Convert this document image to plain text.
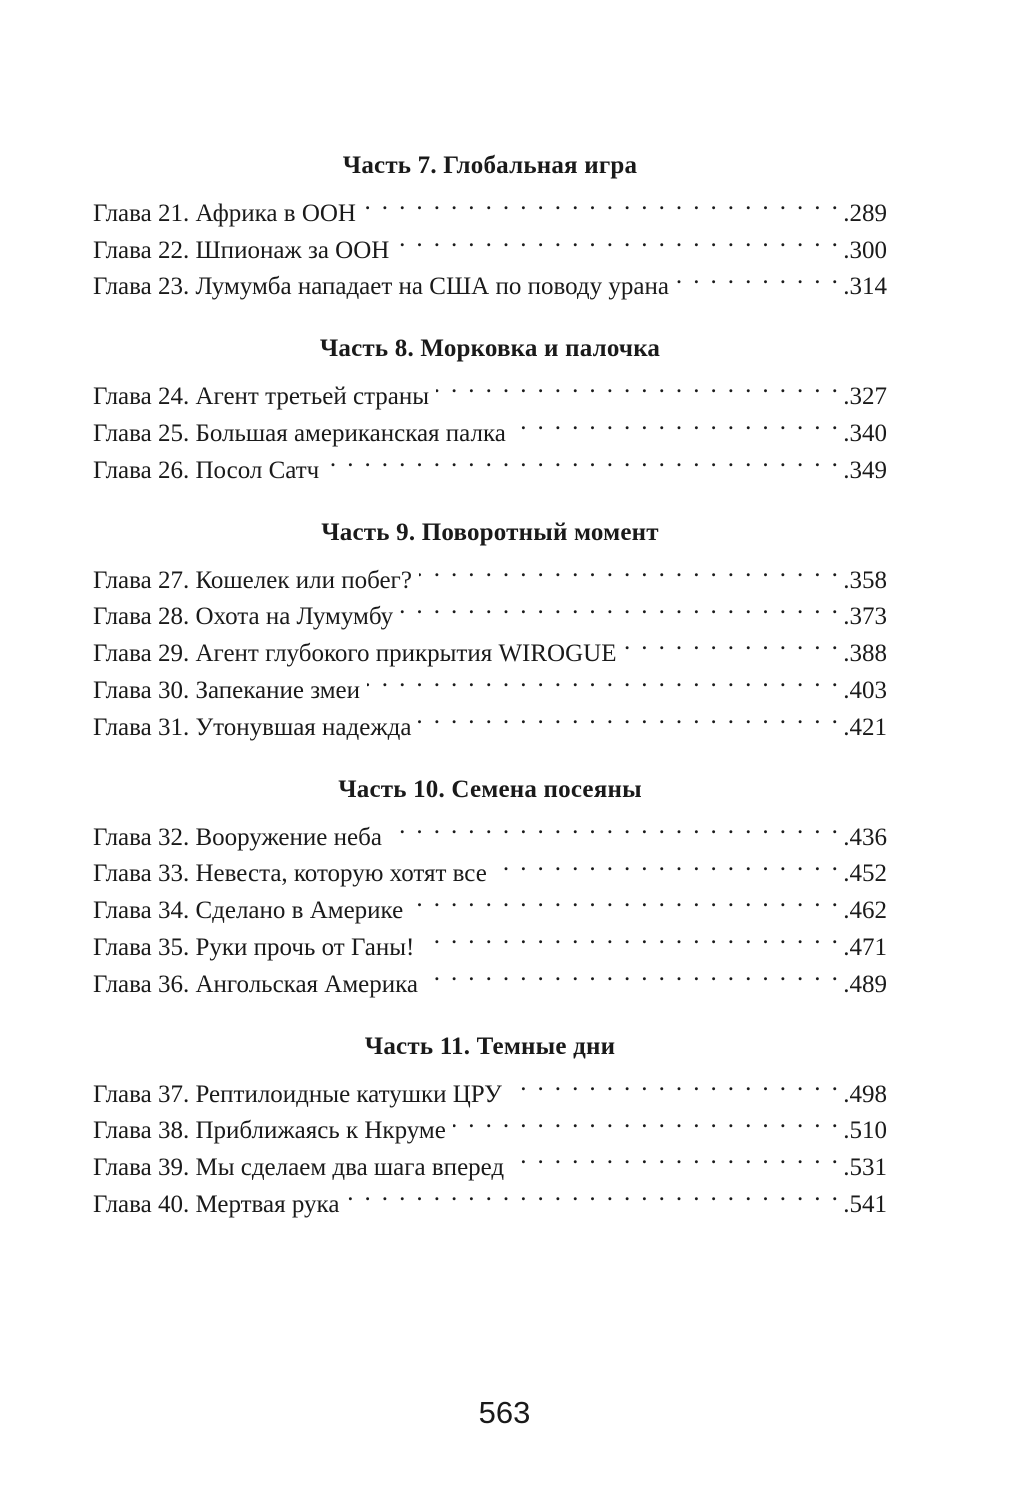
Часть 7. Глобальная игра
Глава 21. Африка в ООН . . .	.289
Глава 22. Шпионаж за ООН . . .	.300
Глава 23. Лумумба нападает на США по поводу урана . . .	.314
Часть 8. Морковка и палочка
Глава 24. Агент третьей страны . . .	.327
Глава 25. Большая американская палка . . .	.340
Глава 26. Посол Сатч . . .	.349
Часть 9. Поворотный момент
Глава 27. Кошелек или побег? . . .	.358
Глава 28. Охота на Лумумбу . . .	.373
Глава 29. Агент глубокого прикрытия WIROGUE . . .	.388
Глава 30. Запекание змеи . . .	.403
Глава 31. Утонувшая надежда . . .	.421
Часть 10. Семена посеяны
Глава 32. Вооружение неба . . .	.436
Глава 33. Невеста, которую хотят все . . .	.452
Глава 34. Сделано в Америке . . .	.462
Глава 35. Руки прочь от Ганы! . . .	.471
Глава 36. Ангольская Америка . . .	.489
Часть 11. Темные дни
Глава 37. Рептилоидные катушки ЦРУ . . .	.498
Глава 38. Приближаясь к Нкруме . . .	.510
Глава 39. Мы сделаем два шага вперед . . .	.531
Глава 40. Мертвая рука . . .	.541
563
